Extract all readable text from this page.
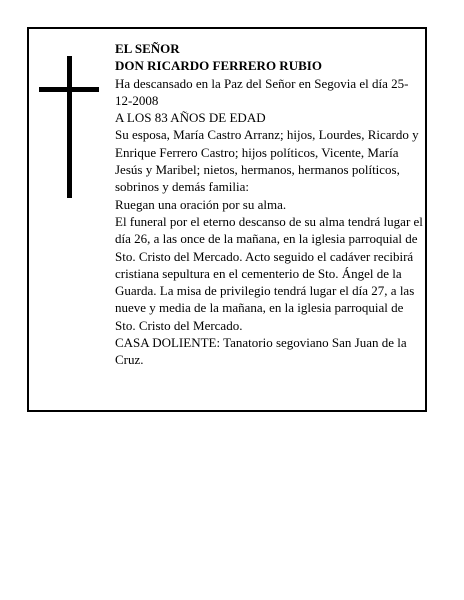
EL SEÑOR

DON RICARDO FERRERO RUBIO

Ha descansado en la Paz del Señor en Segovia el día 25-12-2008

A LOS 83 AÑOS DE EDAD

Su esposa, María Castro Arranz; hijos, Lourdes, Ricardo y Enrique Ferrero Castro; hijos políticos, Vicente, María Jesús y Maribel; nietos, hermanos, hermanos políticos, sobrinos y demás familia:

Ruegan una oración por su alma.

El funeral por el eterno descanso de su alma tendrá lugar el día 26, a las once de la mañana, en la iglesia parroquial de Sto. Cristo del Mercado. Acto seguido el cadáver recibirá cristiana sepultura en el cementerio de Sto. Ángel de la Guarda. La misa de privilegio tendrá lugar el día 27, a las nueve y media de la mañana, en la iglesia parroquial de Sto. Cristo del Mercado.

CASA DOLIENTE: Tanatorio segoviano San Juan de la Cruz.
